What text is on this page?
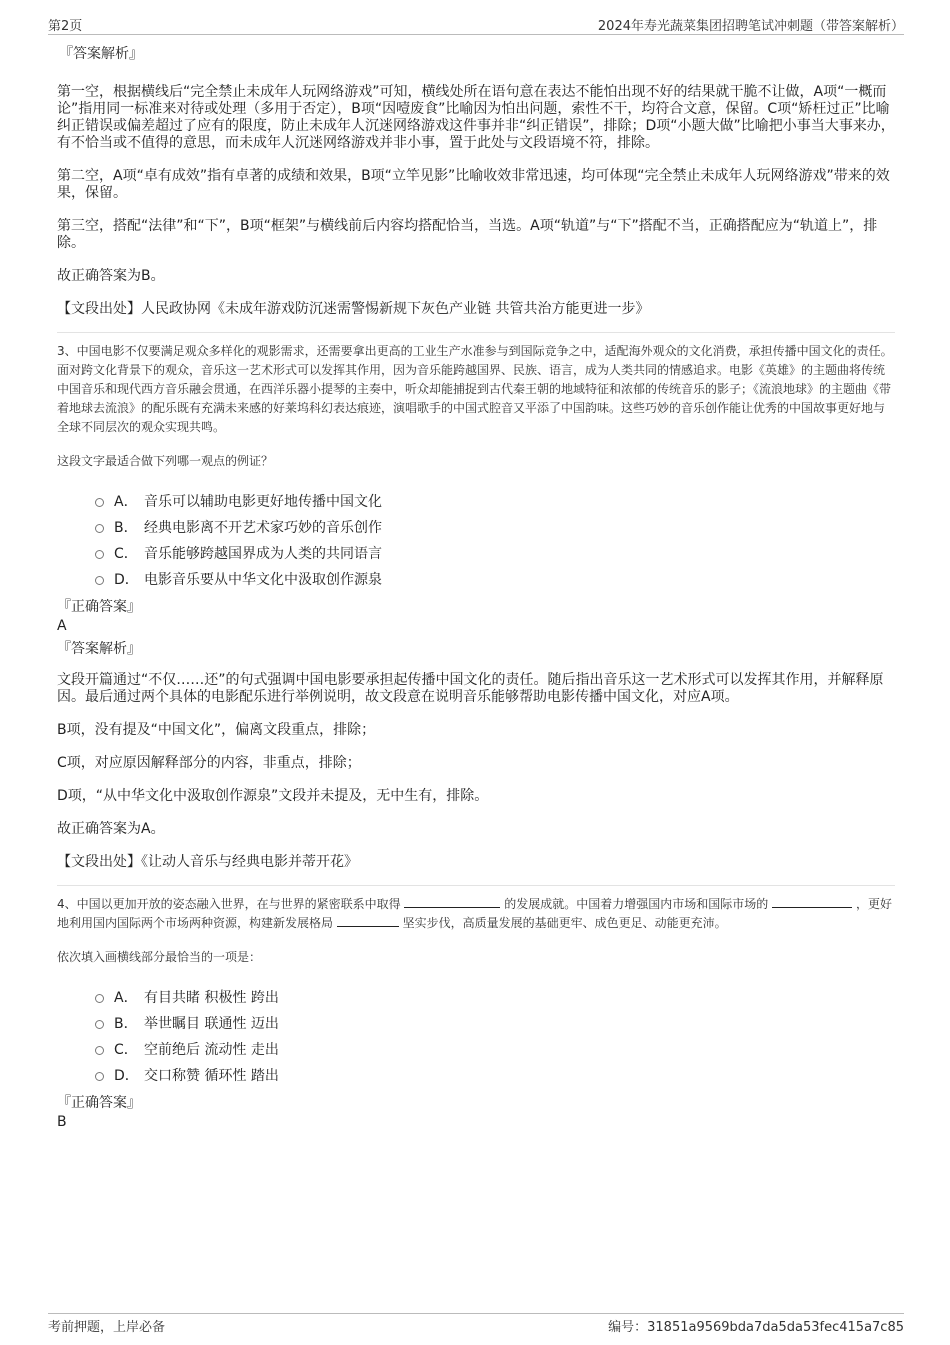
第2页	2024年寿光蔬菜集团招聘笔试冲刺题（带答案解析）
『答案解析』

第一空，根据横线后“完全禁止未成年人玩网络游戏”可知，横线处所在语句意在表达不能怕出现不好的结果就干脆不让做，A项“一概而论”指用同一标准来对待或处理（多用于否定），B项“因噎废食”比喻因为怕出问题，索性不干，均符合文意，保留。C项“矫枉过正”比喻纠正错误或偏差超过了应有的限度，防止未成年人沉迷网络游戏这件事并非“纠正错误”，排除；D项“小题大做”比喻把小事当大事来办，有不恰当或不值得的意思，而未成年人沉迷网络游戏并非小事，置于此处与文段语境不符，排除。

第二空，A项“卓有成效”指有卓著的成绩和效果，B项“立竿见影”比喻收效非常迅速，均可体现“完全禁止未成年人玩网络游戏”带来的效果，保留。

第三空，搭配“法律”和“下”，B项“框架”与横线前后内容均搭配恰当，当选。A项“轨道”与“下”搭配不当，正确搭配应为“轨道上”，排除。

故正确答案为B。

【文段出处】人民政协网《未成年游戏防沉迷需警惕新规下灰色产业链 共管共治方能更进一步》

3、中国电影不仅要满足观众多样化的观影需求，还需要拿出更高的工业生产水准参与到国际竞争之中，适配海外观众的文化消费，承担传播中国文化的责任。面对跨文化背景下的观众，音乐这一艺术形式可以发挥其作用，因为音乐能跨越国界、民族、语言，成为人类共同的情感追求。电影《英雄》的主题曲将传统中国音乐和现代西方音乐融会贯通，在西洋乐器小提琴的主奏中，听众却能捕捉到古代秦王朝的地域特征和浓郁的传统音乐的影子；《流浪地球》的主题曲《带着地球去流浪》的配乐既有充满未来感的好莱坞科幻表达痕迹，演唱歌手的中国式腔音又平添了中国韵味。这些巧妙的音乐创作能让优秀的中国故事更好地与全球不同层次的观众实现共鸣。

这段文字最适合做下列哪一观点的例证？

A． 音乐可以辅助电影更好地传播中国文化
B． 经典电影离不开艺术家巧妙的音乐创作
C． 音乐能够跨越国界成为人类的共同语言
D． 电影音乐要从中华文化中汲取创作源泉
『正确答案』
A
『答案解析』

文段开篇通过“不仅……还”的句式强调中国电影要承担起传播中国文化的责任。随后指出音乐这一艺术形式可以发挥其作用，并解释原因。最后通过两个具体的电影配乐进行举例说明，故文段意在说明音乐能够帮助电影传播中国文化，对应A项。

B项，没有提及“中国文化”，偏离文段重点，排除；

C项，对应原因解释部分的内容，非重点，排除；

D项，“从中华文化中汲取创作源泉”文段并未提及，无中生有，排除。

故正确答案为A。

【文段出处】《让动人音乐与经典电影并蒂开花》

4、中国以更加开放的姿态融入世界，在与世界的紧密联系中取得	的发展成就。中国着力增强国内市场和国际市场的	，更好地利用国内国际两个市场两种资源，构建新发展格局	坚实步伐，高质量发展的基础更牢、成色更足、动能更充沛。

依次填入画横线部分最恰当的一项是：

A． 有目共睹 积极性 跨出
B． 举世瞩目 联通性 迈出
C． 空前绝后 流动性 走出
D． 交口称赞 循环性 踏出
『正确答案』
B
考前押题，上岸必备	编号：31851a9569bda7da5da53fec415a7c85
